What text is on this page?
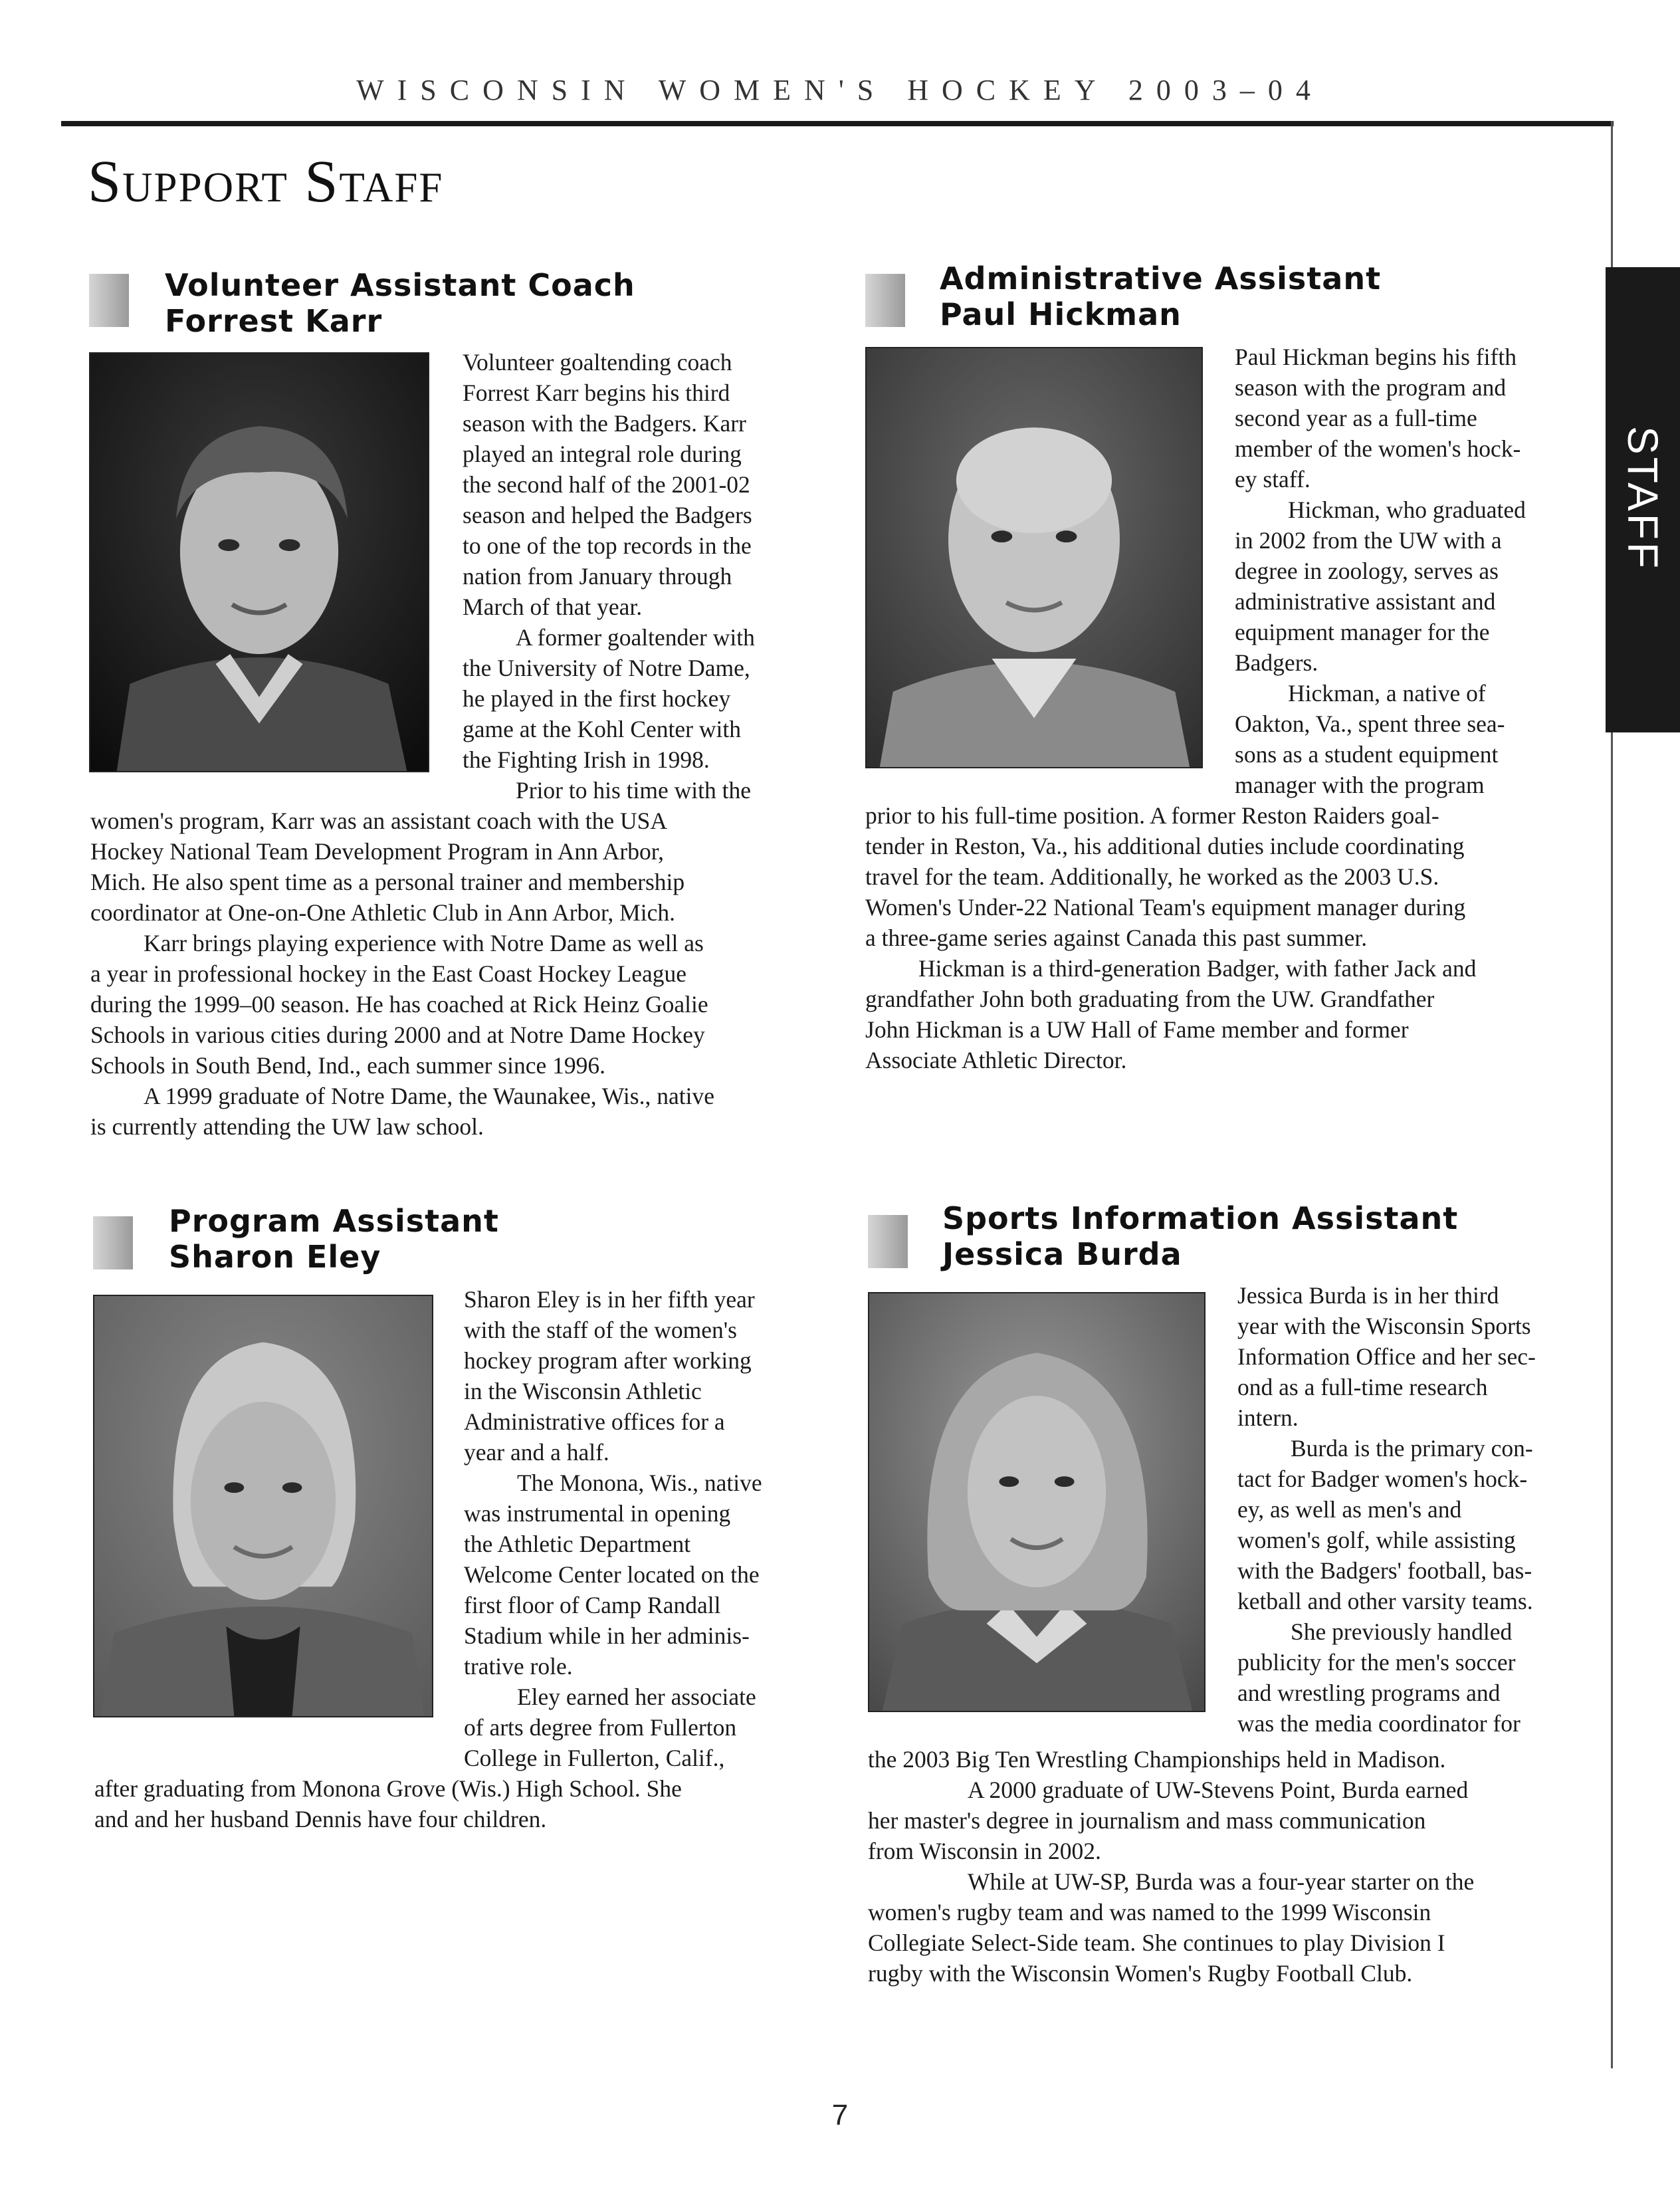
WISCONSIN WOMEN'S HOCKEY 2003–04
Support Staff
STAFF
Volunteer Assistant Coach
Forrest Karr

Volunteer goaltending coach

Forrest Karr begins his third

season with the Badgers. Karr

played an integral role during

the second half of the 2001-02

season and helped the Badgers

to one of the top records in the

nation from January through

March of that year.

A former goaltender with

the University of Notre Dame,

he played in the first hockey

game at the Kohl Center with

the Fighting Irish in 1998.

Prior to his time with the

women's program, Karr was an assistant coach with the USA

Hockey National Team Development Program in Ann Arbor,

Mich. He also spent time as a personal trainer and membership

coordinator at One-on-One Athletic Club in Ann Arbor, Mich.

Karr brings playing experience with Notre Dame as well as

a year in professional hockey in the East Coast Hockey League

during the 1999–00 season. He has coached at Rick Heinz Goalie

Schools in various cities during 2000 and at Notre Dame Hockey

Schools in South Bend, Ind., each summer since 1996.

A 1999 graduate of Notre Dame, the Waunakee, Wis., native

is currently attending the UW law school.

Administrative Assistant
Paul Hickman

Paul Hickman begins his fifth

season with the program and

second year as a full-time

member of the women's hock-

ey staff.

Hickman, who graduated

in 2002 from the UW with a

degree in zoology, serves as

administrative assistant and

equipment manager for the

Badgers.

Hickman, a native of

Oakton, Va., spent three sea-

sons as a student equipment

manager with the program

prior to his full-time position. A former Reston Raiders goal-

tender in Reston, Va., his additional duties include coordinating

travel for the team. Additionally, he worked as the 2003 U.S.

Women's Under-22 National Team's equipment manager during

a three-game series against Canada this past summer.

Hickman is a third-generation Badger, with father Jack and

grandfather John both graduating from the UW. Grandfather

John Hickman is a UW Hall of Fame member and former

Associate Athletic Director.

Program Assistant
Sharon Eley

Sharon Eley is in her fifth year

with the staff of the women's

hockey program after working

in the Wisconsin Athletic

Administrative offices for a

year and a half.

The Monona, Wis., native

was instrumental in opening

the Athletic Department

Welcome Center located on the

first floor of Camp Randall

Stadium while in her adminis-

trative role.

Eley earned her associate

of arts degree from Fullerton

College in Fullerton, Calif.,

after graduating from Monona Grove (Wis.) High School. She

and and her husband Dennis have four children.

Sports Information Assistant
Jessica Burda

Jessica Burda is in her third

year with the Wisconsin Sports

Information Office and her sec-

ond as a full-time research

intern.

Burda is the primary con-

tact for Badger women's hock-

ey, as well as men's and

women's golf, while assisting

with the Badgers' football, bas-

ketball and other varsity teams.

She previously handled

publicity for the men's soccer

and wrestling programs and

was the media coordinator for

the 2003 Big Ten Wrestling Championships held in Madison.

A 2000 graduate of UW-Stevens Point, Burda earned

her master's degree in journalism and mass communication

from Wisconsin in 2002.

While at UW-SP, Burda was a four-year starter on the

women's rugby team and was named to the 1999 Wisconsin

Collegiate Select-Side team. She continues to play Division I

rugby with the Wisconsin Women's Rugby Football Club.

7
